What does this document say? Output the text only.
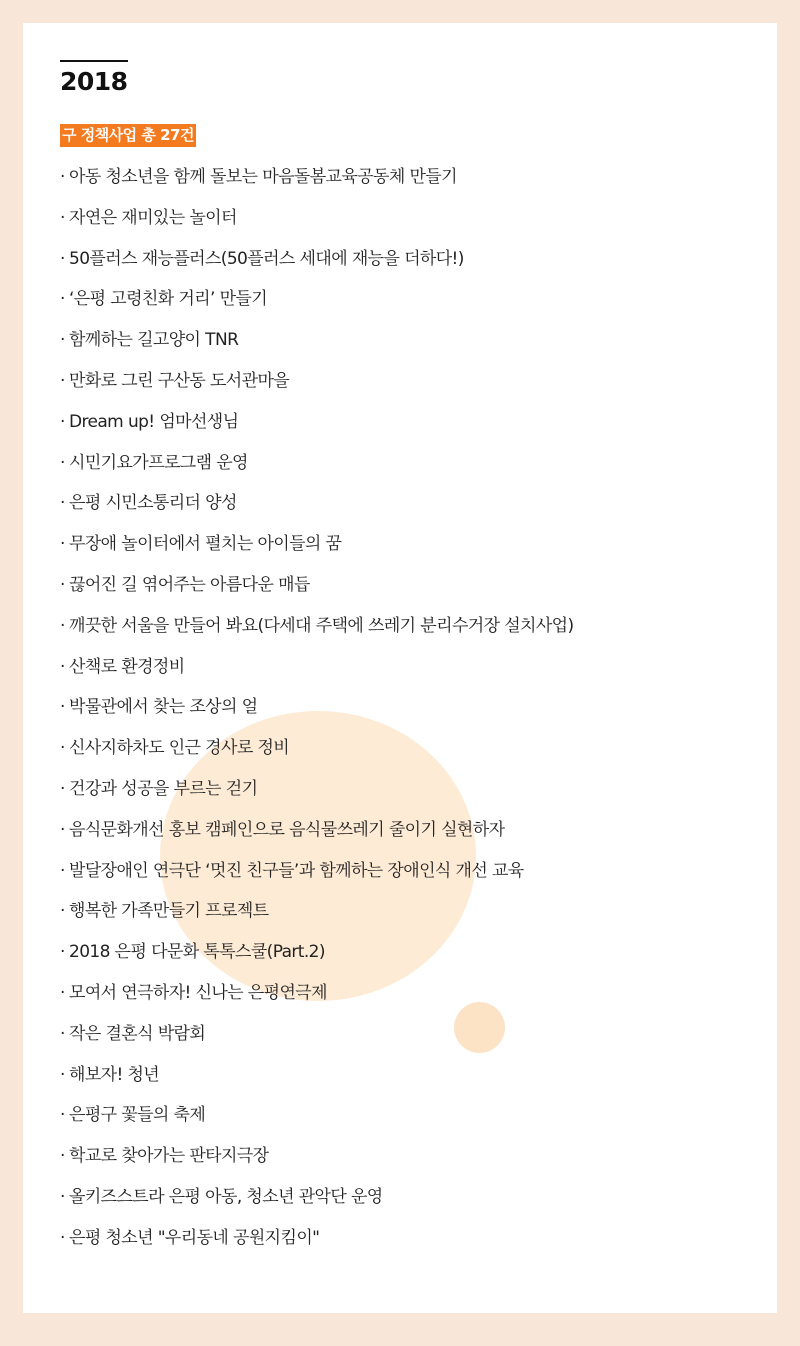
2018
구 정책사업 총 27건
· 아동 청소년을 함께 돌보는 마음돌봄교육공동체 만들기
· 자연은 재미있는 놀이터
· 50플러스 재능플러스(50플러스 세대에 재능을 더하다!)
· ‘은평 고령친화 거리’ 만들기
· 함께하는 길고양이 TNR
· 만화로 그린 구산동 도서관마을
· Dream up! 엄마선생님
· 시민기요가프로그램 운영
· 은평 시민소통리더 양성
· 무장애 놀이터에서 펼치는 아이들의 꿈
· 끊어진 길 엮어주는 아름다운 매듭
· 깨끗한 서울을 만들어 봐요(다세대 주택에 쓰레기 분리수거장 설치사업)
· 산책로 환경정비
· 박물관에서 찾는 조상의 얼
· 신사지하차도 인근 경사로 정비
· 건강과 성공을 부르는 걷기
· 음식문화개선 홍보 캠페인으로 음식물쓰레기 줄이기 실현하자
· 발달장애인 연극단 ‘멋진 친구들’과 함께하는 장애인식 개선 교육
· 행복한 가족만들기 프로젝트
· 2018 은평 다문화 톡톡스쿨(Part.2)
· 모여서 연극하자! 신나는 은평연극제
· 작은 결혼식 박람회
· 해보자! 청년
· 은평구 꽃들의 축제
· 학교로 찾아가는 판타지극장
· 올키즈스트라 은평 아동, 청소년 관악단 운영
· 은평 청소년 "우리동네 공원지킴이"
